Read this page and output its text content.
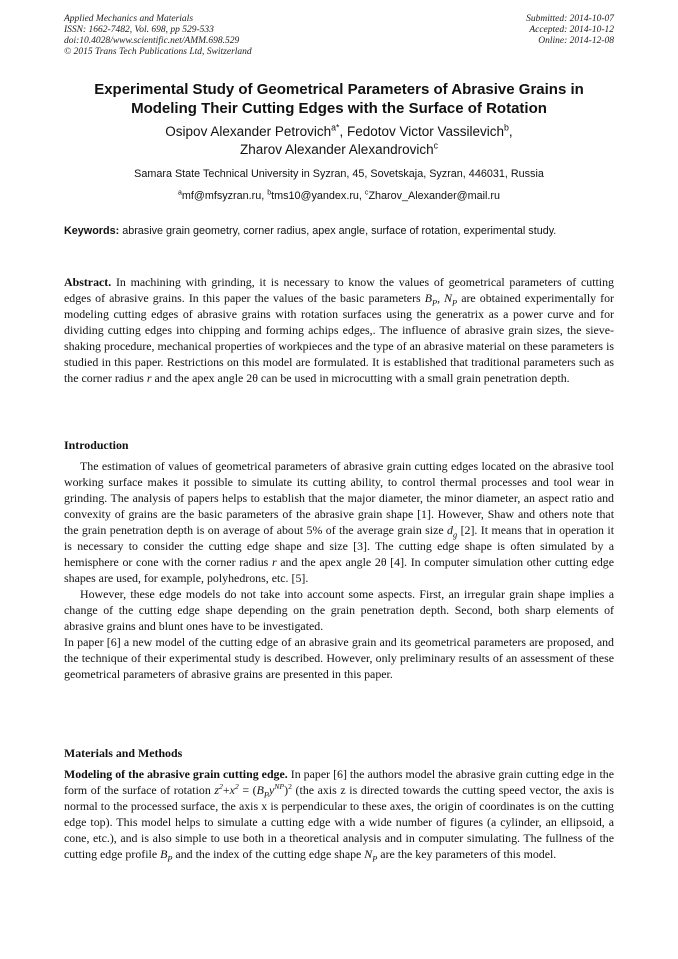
Applied Mechanics and Materials
ISSN: 1662-7482, Vol. 698, pp 529-533
doi:10.4028/www.scientific.net/AMM.698.529
© 2015 Trans Tech Publications Ltd, Switzerland
Submitted: 2014-10-07
Accepted: 2014-10-12
Online: 2014-12-08
Experimental Study of Geometrical Parameters of Abrasive Grains in
Modeling Their Cutting Edges with the Surface of Rotation
Osipov Alexander Petrovich$^{a*}$, Fedotov Victor Vassilevich$^b$,
Zharov Alexander Alexandrovich$^c$
Samara State Technical University in Syzran, 45, Sovetskaja, Syzran, 446031, Russia
$^a$mf@mfsyzran.ru, $^b$tms10@yandex.ru, $^c$Zharov_Alexander@mail.ru
Keywords: abrasive grain geometry, corner radius, apex angle, surface of rotation, experimental study.

Abstract. In machining with grinding, it is necessary to know the values of geometrical parameters of cutting edges of abrasive grains. In this paper the values of the basic parameters $B_P$, $N_P$ are obtained experimentally for modeling cutting edges of abrasive grains with rotation surfaces using the generatrix as a power curve and for dividing cutting edges into chipping and forming achips edges,. The influence of abrasive grain sizes, the sieve-shaking procedure, mechanical properties of workpieces and the type of an abrasive material on these parameters is studied in this paper. Restrictions on this model are formulated. It is established that traditional parameters such as the corner radius r and the apex angle 2θ can be used in microcutting with a small grain penetration depth.

Introduction

The estimation of values of geometrical parameters of abrasive grain cutting edges located on the abrasive tool working surface makes it possible to simulate its cutting ability, to control thermal processes and tool wear in grinding. The analysis of papers helps to establish that the major diameter, the minor diameter, an aspect ratio and convexity of grains are the basic parameters of the abrasive grain shape [1]. However, Shaw and others note that the grain penetration depth is on average of about 5% of the average grain size $d_g$ [2]. It means that in operation it is necessary to consider the cutting edge shape and size [3]. The cutting edge shape is often simulated by a hemisphere or cone with the corner radius r and the apex angle 2θ [4]. In computer simulation other cutting edge shapes are used, for example, polyhedrons, etc. [5].

However, these edge models do not take into account some aspects. First, an irregular grain shape implies a change of the cutting edge shape depending on the grain penetration depth. Second, both sharp elements of abrasive grains and blunt ones have to be investigated.

In paper [6] a new model of the cutting edge of an abrasive grain and its geometrical parameters are proposed, and the technique of their experimental study is described. However, only preliminary results of an assessment of these geometrical parameters of abrasive grains are presented in this paper.

Materials and Methods

Modeling of the abrasive grain cutting edge. In paper [6] the authors model the abrasive grain cutting edge in the form of the surface of rotation $z^2+x^2 = (B_Py^{NP})^2$ (the axis z is directed towards the cutting speed vector, the axis is normal to the processed surface, the axis x is perpendicular to these axes, the origin of coordinates is on the cutting edge top). This model helps to simulate a cutting edge with a wide number of figures (a cylinder, an ellipsoid, a cone, etc.), and is also simple to use both in a theoretical analysis and in computer simulating. The fullness of the cutting edge profile $B_P$ and the index of the cutting edge shape $N_P$ are the key parameters of this model.
